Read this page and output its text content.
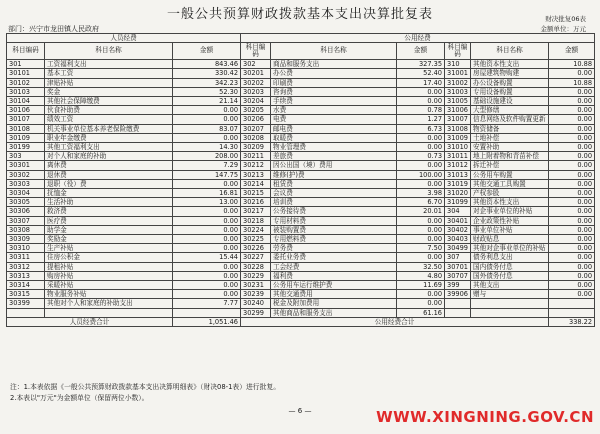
一般公共预算财政拨款基本支出决算批复表	财决批复06表
部门：兴宁市龙田镇人民政府	金额单位：万元
人员经费			公用经费					
科目编码	科目名称	金额	科目编码	科目名称	金额	科目编码	科目名称	金额
301	工资福利支出	843.46	302	商品和服务支出	327.35	310	其他资本性支出	10.88
30101	基本工资	330.42	30201	办公费	52.40	31001	房屋建筑物购建	0.00
30102	津贴补贴	342.23	30202	印刷费	17.40	31002	办公设备购置	10.88
30103	奖金	52.30	30203	咨询费	0.00	31003	专用设备购置	0.00
30104	其他社会保障缴费	21.14	30204	手续费	0.00	31005	基础设施建设	0.00
30106	伙食补助费	0.00	30205	水费	0.78	31006	大型修缮	0.00
30107	绩效工资	0.00	30206	电费	1.27	31007	信息网络及软件购置更新	0.00
30108	机关事业单位基本养老保险缴费	83.07	30207	邮电费	6.73	31008	物资储备	0.00
30109	职业年金缴费	0.00	30208	取暖费	0.00	31009	土地补偿	0.00
30199	其他工资福利支出	14.30	30209	物业管理费	0.00	31010	安置补助	0.00
303	对个人和家庭的补助	208.00	30211	差旅费	0.73	31011	地上附着物和青苗补偿	0.00
30301	离休费	7.29	30212	因公出国（境）费用	0.00	31012	拆迁补偿	0.00
30302	退休费	147.75	30213	维修(护)费	100.00	31013	公务用车购置	0.00
30303	退职（役）费	0.00	30214	租赁费	0.00	31019	其他交通工具购置	0.00
30304	抚恤金	16.81	30215	会议费	3.98	31020	产权参股	0.00
30305	生活补助	13.00	30216	培训费	6.70	31099	其他资本性支出	0.00
30306	救济费	0.00	30217	公务接待费	20.01	304	对企事业单位的补贴	0.00
30307	医疗费	0.00	30218	专用材料费	0.00	30401	企业政策性补贴	0.00
30308	助学金	0.00	30224	被装购置费	0.00	30402	事业单位补贴	0.00
30309	奖励金	0.00	30225	专用燃料费	0.00	30403	财政贴息	0.00
30310	生产补贴	0.00	30226	劳务费	7.50	30499	其他对企事业单位的补贴	0.00
30311	住房公积金	15.44	30227	委托业务费	0.00	307	债务利息支出	0.00
30312	提租补贴	0.00	30228	工会经费	32.50	30701	国内债务付息	0.00
30313	购房补贴	0.00	30229	福利费	4.80	30707	国外债务付息	0.00
30314	采暖补贴	0.00	30231	公务用车运行维护费	11.69	399	其他支出	0.00
30315	物业服务补贴	0.00	30239	其他交通费用	0.00	39906	赠与	0.00
30399	其他对个人和家庭的补助支出	7.77	30240	税金及附加费用	0.00			
			30299	其他商品和服务支出	61.16			
人员经费合计		1,051.46	公用经费合计					338.22
注：1.本表依据《一般公共预算财政拨款基本支出决算明细表》（财决08-1表）进行批复。
2.本表以"万元"为金额单位（保留两位小数）。
— 6 —	WWW.XINGNING.GOV.CN
